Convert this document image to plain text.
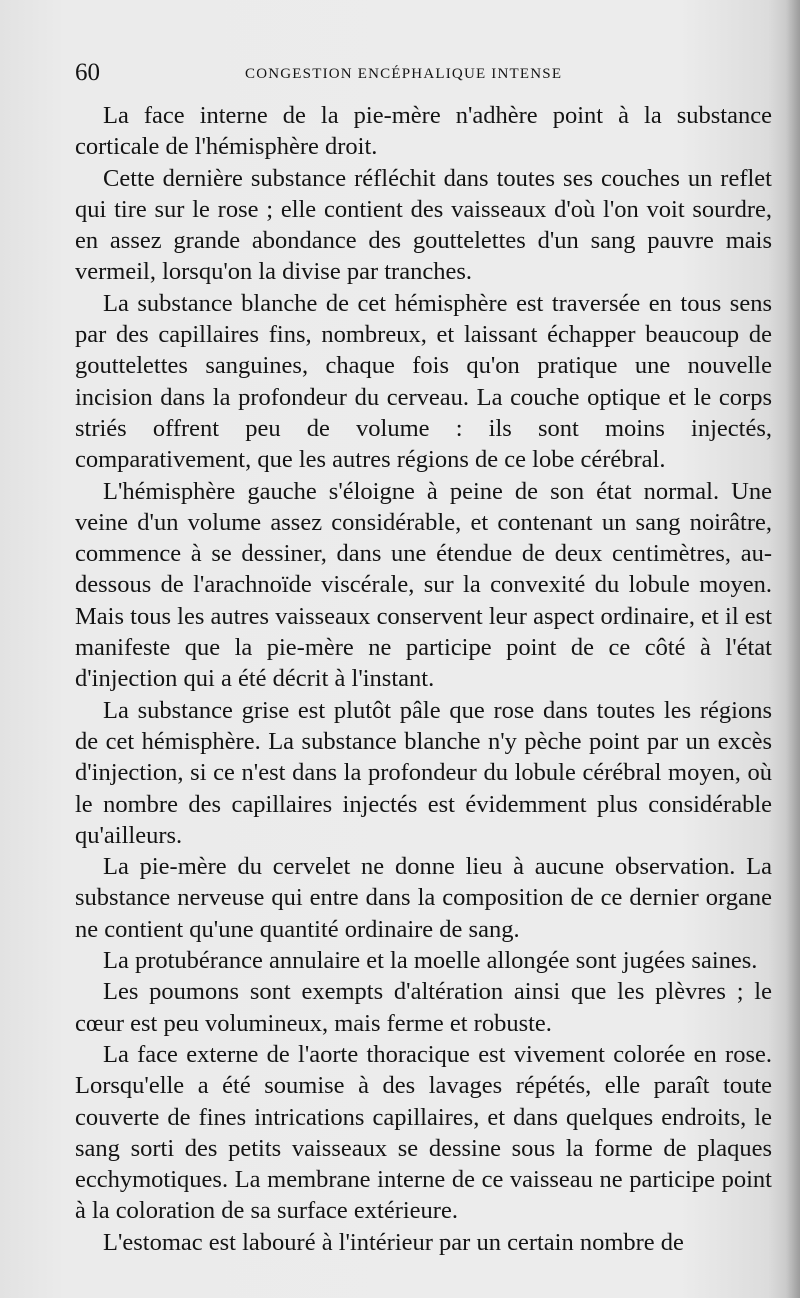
60	CONGESTION ENCÉPHALIQUE INTENSE

La face interne de la pie-mère n'adhère point à la substance corticale de l'hémisphère droit.

Cette dernière substance réfléchit dans toutes ses couches un reflet qui tire sur le rose ; elle contient des vaisseaux d'où l'on voit sourdre, en assez grande abondance des gouttelettes d'un sang pauvre mais vermeil, lorsqu'on la divise par tranches.

La substance blanche de cet hémisphère est traversée en tous sens par des capillaires fins, nombreux, et laissant échapper beaucoup de gouttelettes sanguines, chaque fois qu'on pratique une nouvelle incision dans la profondeur du cerveau. La couche optique et le corps striés offrent peu de volume : ils sont moins injectés, comparativement, que les autres régions de ce lobe cérébral.

L'hémisphère gauche s'éloigne à peine de son état normal. Une veine d'un volume assez considérable, et contenant un sang noirâtre, commence à se dessiner, dans une étendue de deux centimètres, au-dessous de l'arachnoïde viscérale, sur la convexité du lobule moyen. Mais tous les autres vaisseaux conservent leur aspect ordinaire, et il est manifeste que la pie-mère ne participe point de ce côté à l'état d'injection qui a été décrit à l'instant.

La substance grise est plutôt pâle que rose dans toutes les régions de cet hémisphère. La substance blanche n'y pèche point par un excès d'injection, si ce n'est dans la profondeur du lobule cérébral moyen, où le nombre des capillaires injectés est évidemment plus considérable qu'ailleurs.

La pie-mère du cervelet ne donne lieu à aucune observation. La substance nerveuse qui entre dans la composition de ce dernier organe ne contient qu'une quantité ordinaire de sang.

La protubérance annulaire et la moelle allongée sont jugées saines.

Les poumons sont exempts d'altération ainsi que les plèvres ; le cœur est peu volumineux, mais ferme et robuste.

La face externe de l'aorte thoracique est vivement colorée en rose. Lorsqu'elle a été soumise à des lavages répétés, elle paraît toute couverte de fines intrications capillaires, et dans quelques endroits, le sang sorti des petits vaisseaux se dessine sous la forme de plaques ecchymotiques. La membrane interne de ce vaisseau ne participe point à la coloration de sa surface extérieure.

L'estomac est labouré à l'intérieur par un certain nombre de
